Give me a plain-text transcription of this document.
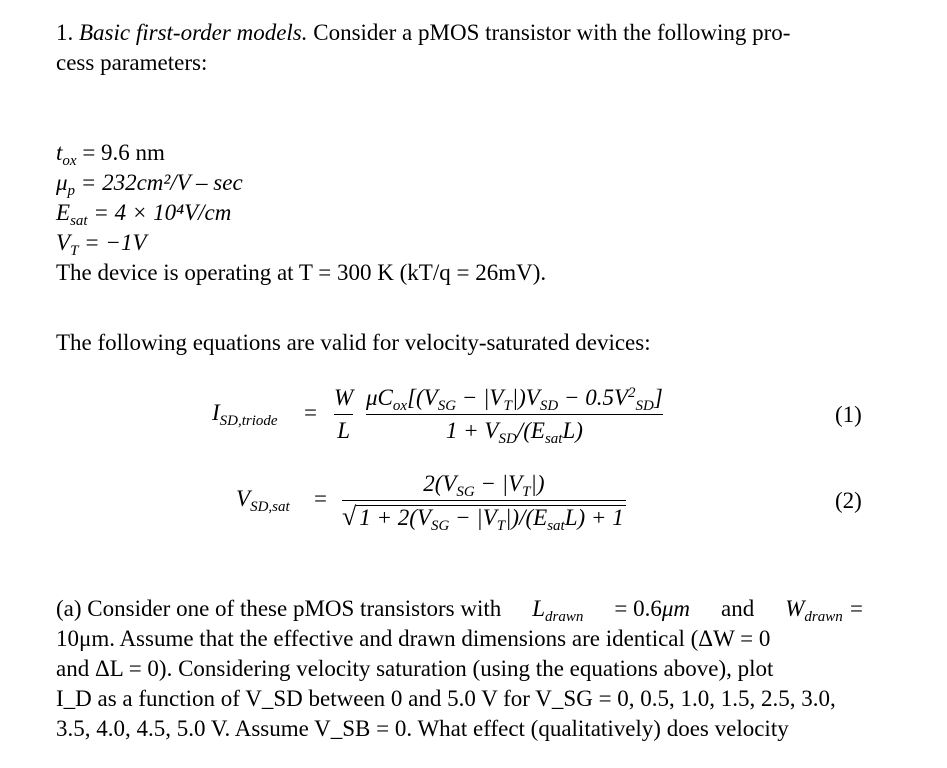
1. Basic first-order models. Consider a pMOS transistor with the following pro-
cess parameters:
$t_{ox} = 9.6$ nm
$\mu_p = 232cm^2/V - \sec$
$E_{sat} = 4 \times 10^4V/cm$
$V_T = -1V$
The device is operating at T = 300 K (kT/q = 26mV).
The following equations are valid for velocity-saturated devices:
$I_{SD,triode}$ =
W
L
$\mu C_{ox}[(V_{SG} - |V_T|)V_{SD} - 0.5V^2_{SD}]$
$1 + V_{SD}/(E_{sat}L)$
(1)
$V_{SD,sat}$ =
$2(V_{SG} - |V_T|)$
√ $1 + 2(V_{SG} - |V_T|)/(E_{sat}L) + 1$
(2)
(a) Consider one of these pMOS transistors with $L_{drawn} = 0.6\mu m$ and $W_{drawn}$ =
10μm. Assume that the effective and drawn dimensions are identical (ΔW = 0
and ΔL = 0). Considering velocity saturation (using the equations above), plot
I_D as a function of V_SD between 0 and 5.0 V for V_SG = 0, 0.5, 1.0, 1.5, 2.5, 3.0,
3.5, 4.0, 4.5, 5.0 V. Assume V_SB = 0. What effect (qualitatively) does velocity
